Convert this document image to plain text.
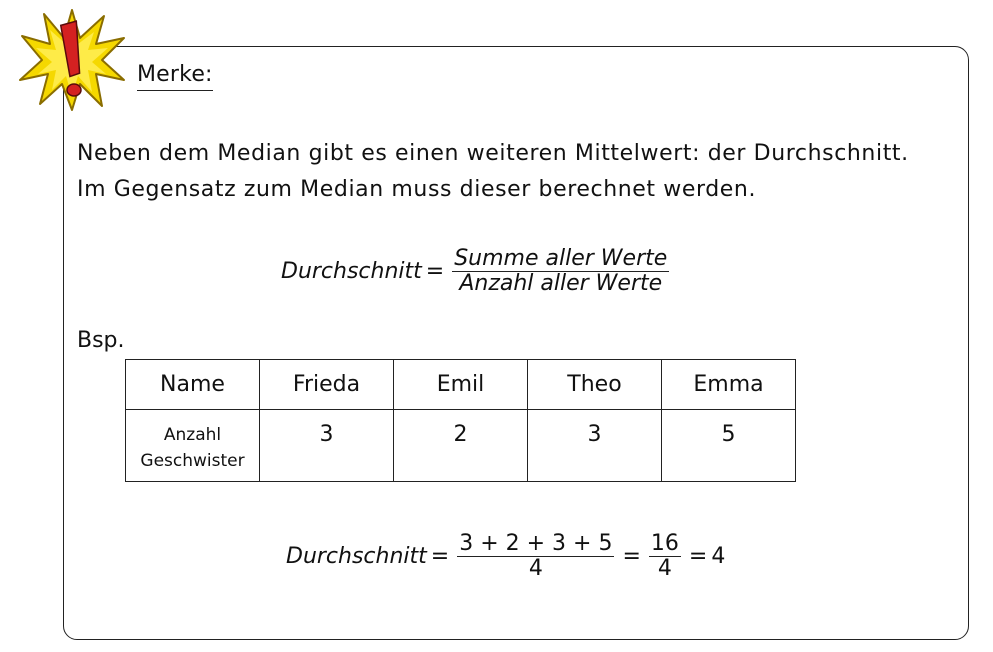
Merke:
Neben dem Median gibt es einen weiteren Mittelwert: der Durchschnitt.
Im Gegensatz zum Median muss dieser berechnet werden.
Durchschnitt = $\frac{\text{Summe aller Werte}}{\text{Anzahl aller Werte}}$
Bsp.
Name	Frieda	Emil	Theo	Emma

Anzahl
Geschwister	3	2	3	5
Durchschnitt = $\frac{3 + 2 + 3 + 5}{4} = \frac{16}{4} = 4$
